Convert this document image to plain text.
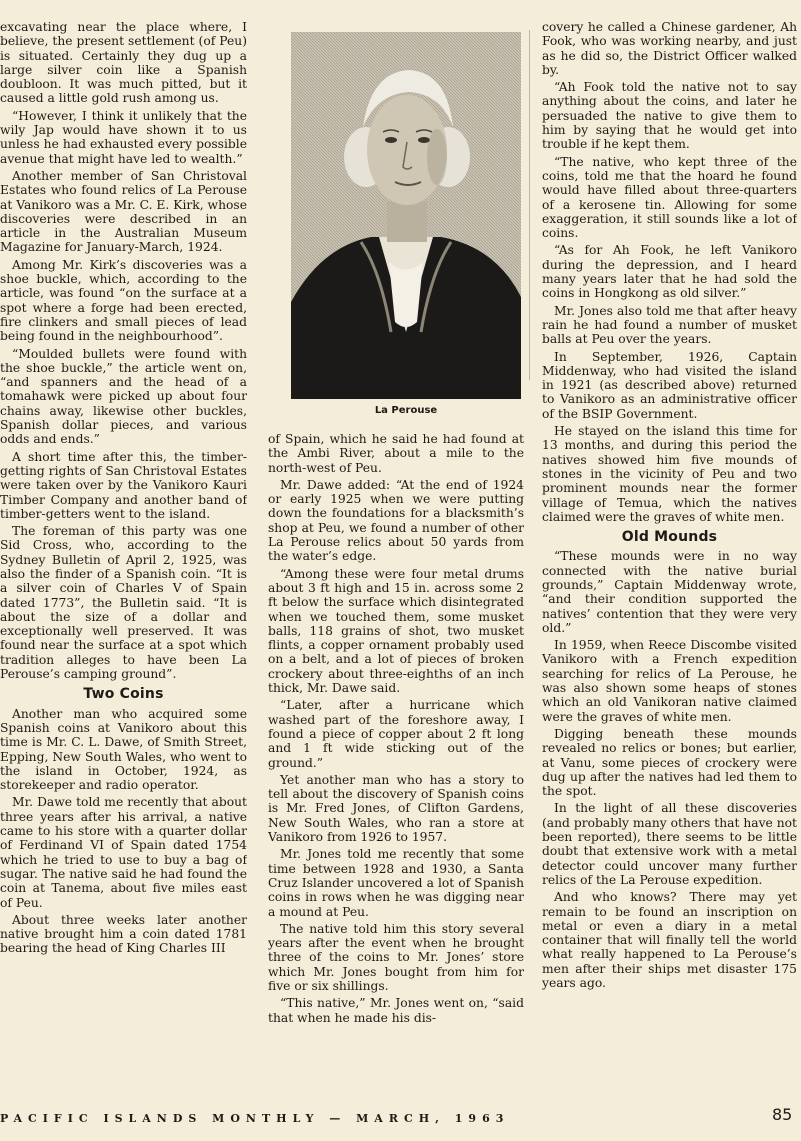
excavating near the place where, I believe, the present settlement (of Peu) is situated. Certainly they dug up a large silver coin like a Spanish doubloon. It was much pitted, but it caused a little gold rush among us.

“However, I think it unlikely that the wily Jap would have shown it to us unless he had exhausted every possible avenue that might have led to wealth.”

Another member of San Christoval Estates who found relics of La Perouse at Vanikoro was a Mr. C. E. Kirk, whose discoveries were described in an article in the Australian Museum Magazine for January-March, 1924.

Among Mr. Kirk’s discoveries was a shoe buckle, which, according to the article, was found “on the surface at a spot where a forge had been erected, fire clinkers and small pieces of lead being found in the neighbourhood”.

“Moulded bullets were found with the shoe buckle,” the article went on, “and spanners and the head of a tomahawk were picked up about four chains away, likewise other buckles, Spanish dollar pieces, and various odds and ends.”

A short time after this, the timber-getting rights of San Christoval Estates were taken over by the Vanikoro Kauri Timber Company and another band of timber-getters went to the island.

The foreman of this party was one Sid Cross, who, according to the Sydney Bulletin of April 2, 1925, was also the finder of a Spanish coin. “It is a silver coin of Charles V of Spain dated 1773”, the Bulletin said. “It is about the size of a dollar and exceptionally well preserved. It was found near the surface at a spot which tradition alleges to have been La Perouse’s camping ground”.

Two Coins

Another man who acquired some Spanish coins at Vanikoro about this time is Mr. C. L. Dawe, of Smith Street, Epping, New South Wales, who went to the island in October, 1924, as storekeeper and radio operator.

Mr. Dawe told me recently that about three years after his arrival, a native came to his store with a quarter dollar of Ferdinand VI of Spain dated 1754 which he tried to use to buy a bag of sugar. The native said he had found the coin at Tanema, about five miles east of Peu.

About three weeks later another native brought him a coin dated 1781 bearing the head of King Charles III

La Perouse

of Spain, which he said he had found at the Ambi River, about a mile to the north-west of Peu.

Mr. Dawe added: “At the end of 1924 or early 1925 when we were putting down the foundations for a blacksmith’s shop at Peu, we found a number of other La Perouse relics about 50 yards from the water’s edge.

“Among these were four metal drums about 3 ft high and 15 in. across some 2 ft below the surface which disintegrated when we touched them, some musket balls, 118 grains of shot, two musket flints, a copper ornament probably used on a belt, and a lot of pieces of broken crockery about three-eighths of an inch thick, Mr. Dawe said.

“Later, after a hurricane which washed part of the foreshore away, I found a piece of copper about 2 ft long and 1 ft wide sticking out of the ground.”

Yet another man who has a story to tell about the discovery of Spanish coins is Mr. Fred Jones, of Clifton Gardens, New South Wales, who ran a store at Vanikoro from 1926 to 1957.

Mr. Jones told me recently that some time between 1928 and 1930, a Santa Cruz Islander uncovered a lot of Spanish coins in rows when he was digging near a mound at Peu.

The native told him this story several years after the event when he brought three of the coins to Mr. Jones’ store which Mr. Jones bought from him for five or six shillings.

“This native,” Mr. Jones went on, “said that when he made his dis-

covery he called a Chinese gardener, Ah Fook, who was working nearby, and just as he did so, the District Officer walked by.

“Ah Fook told the native not to say anything about the coins, and later he persuaded the native to give them to him by saying that he would get into trouble if he kept them.

“The native, who kept three of the coins, told me that the hoard he found would have filled about three-quarters of a kerosene tin. Allowing for some exaggeration, it still sounds like a lot of coins.

“As for Ah Fook, he left Vanikoro during the depression, and I heard many years later that he had sold the coins in Hongkong as old silver.”

Mr. Jones also told me that after heavy rain he had found a number of musket balls at Peu over the years.

In September, 1926, Captain Middenway, who had visited the island in 1921 (as described above) returned to Vanikoro as an administrative officer of the BSIP Government.

He stayed on the island this time for 13 months, and during this period the natives showed him five mounds of stones in the vicinity of Peu and two prominent mounds near the former village of Temua, which the natives claimed were the graves of white men.

Old Mounds

“These mounds were in no way connected with the native burial grounds,” Captain Middenway wrote, “and their condition supported the natives’ contention that they were very old.”

In 1959, when Reece Discombe visited Vanikoro with a French expedition searching for relics of La Perouse, he was also shown some heaps of stones which an old Vanikoran native claimed were the graves of white men.

Digging beneath these mounds revealed no relics or bones; but earlier, at Vanu, some pieces of crockery were dug up after the natives had led them to the spot.

In the light of all these discoveries (and probably many others that have not been reported), there seems to be little doubt that extensive work with a metal detector could uncover many further relics of the La Perouse expedition.

And who knows? There may yet remain to be found an inscription on metal or even a diary in a metal container that will finally tell the world what really happened to La Perouse’s men after their ships met disaster 175 years ago.

PACIFIC ISLANDS MONTHLY — MARCH, 1963	85
